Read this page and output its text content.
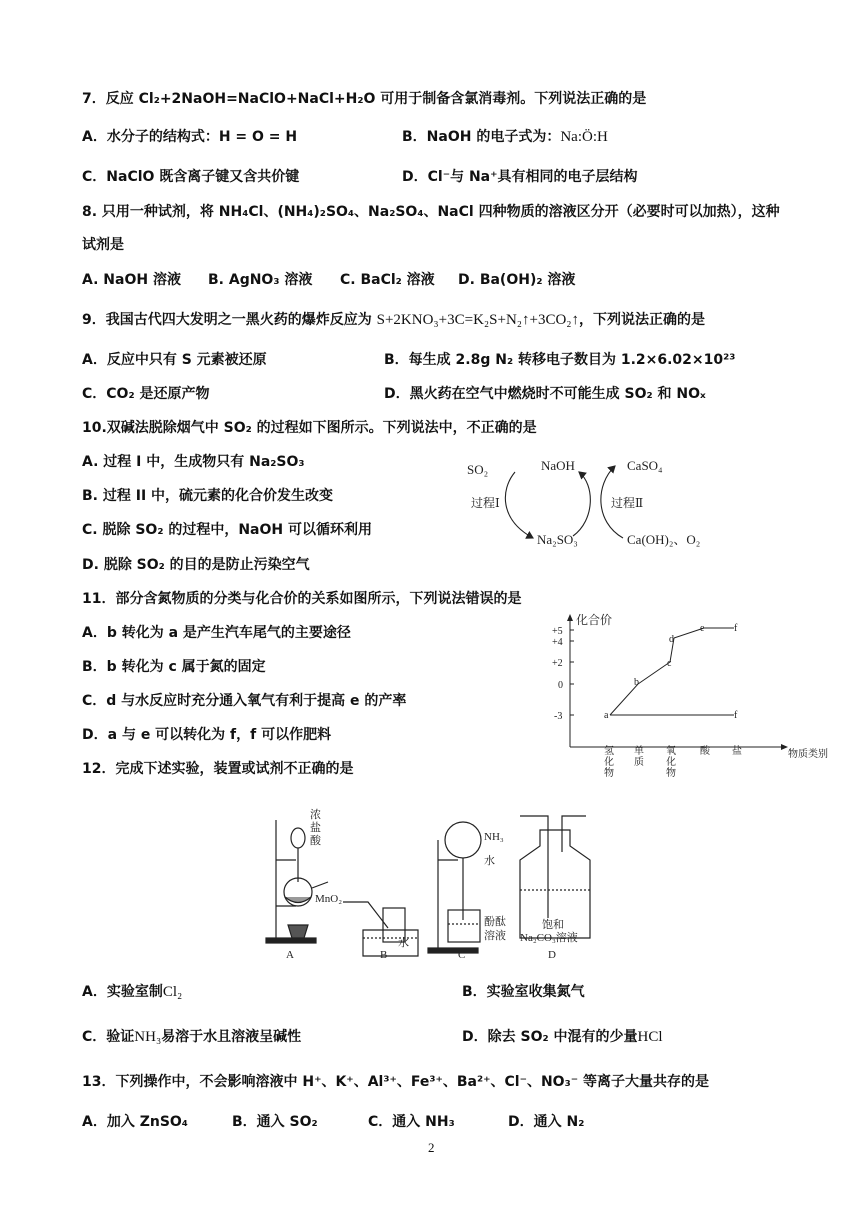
7．反应 Cl₂+2NaOH=NaClO+NaCl+H₂O 可用于制备含氯消毒剂。下列说法正确的是
A．水分子的结构式：H = O = H	B．NaOH 的电子式为：Na:Ö:H
C．NaClO 既含离子键又含共价键	D．Cl⁻与 Na⁺具有相同的电子层结构
8. 只用一种试剂，将 NH₄Cl、(NH₄)₂SO₄、Na₂SO₄、NaCl 四种物质的溶液区分开（必要时可以加热），这种
试剂是
A. NaOH 溶液 B. AgNO₃ 溶液 C. BaCl₂ 溶液 D. Ba(OH)₂ 溶液
9．我国古代四大发明之一黑火药的爆炸反应为 S+2KNO₃+3C=K₂S+N₂↑+3CO₂↑，下列说法正确的是
A．反应中只有 S 元素被还原	B．每生成 2.8g N₂ 转移电子数目为 1.2×6.02×10²³
C．CO₂ 是还原产物	D．黑火药在空气中燃烧时不可能生成 SO₂ 和 NOₓ
10.双碱法脱除烟气中 SO₂ 的过程如下图所示。下列说法中，不正确的是
A. 过程 I 中，生成物只有 Na₂SO₃
B. 过程 II 中，硫元素的化合价发生改变
C. 脱除 SO₂ 的过程中，NaOH 可以循环利用
D. 脱除 SO₂ 的目的是防止污染空气
SO₂	NaOH	CaSO₄
过程Ⅰ	过程Ⅱ
Na₂SO₃	Ca(OH)₂、O₂
11．部分含氮物质的分类与化合价的关系如图所示，下列说法错误的是
A．b 转化为 a 是产生汽车尾气的主要途径
B．b 转化为 c 属于氮的固定
C．d 与水反应时充分通入氧气有利于提高 e 的产率
D．a 与 e 可以转化为 f，f 可以作肥料
化合价
物质类别
+5
+4
+2
0
-3
氢化物
单质
氧化物
酸 盐
a
b
c
d
e	f
f
12．完成下述实验，装置或试剂不正确的是
浓
盐
酸
MnO₂
水
NH₃
水
酚酞
溶液
饱和
Na₂CO₃溶液
A	B	C	D
A．实验室制Cl₂	B．实验室收集氮气
C．验证NH₃易溶于水且溶液呈碱性	D．除去 SO₂ 中混有的少量HCl
13．下列操作中，不会影响溶液中 H⁺、K⁺、Al³⁺、Fe³⁺、Ba²⁺、Cl⁻、NO₃⁻ 等离子大量共存的是
A．加入 ZnSO₄	B．通入 SO₂	C．通入 NH₃	D．通入 N₂
2
